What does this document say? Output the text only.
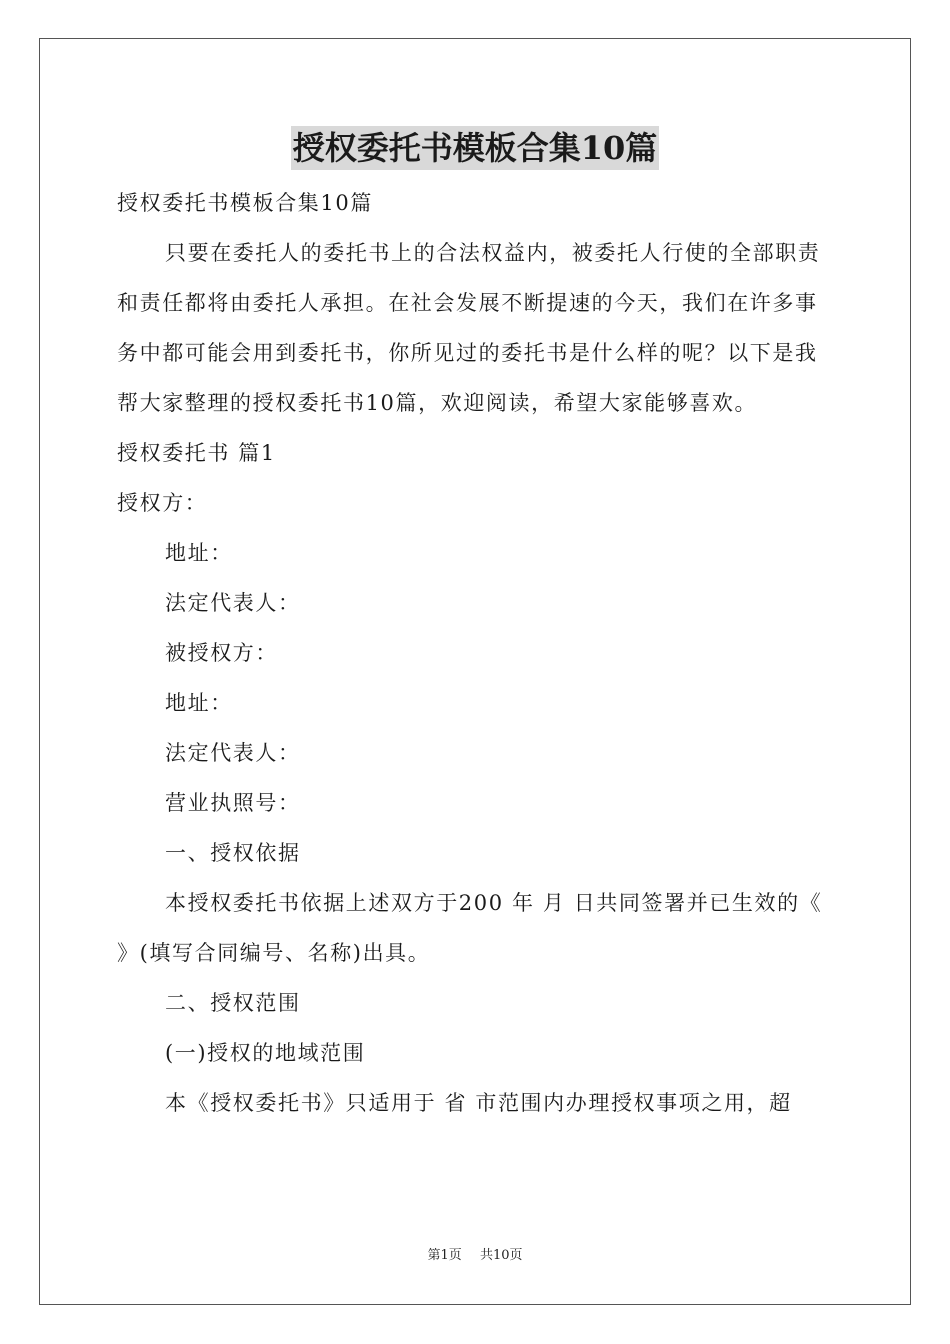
授权委托书模板合集10篇

授权委托书模板合集10篇

只要在委托人的委托书上的合法权益内，被委托人行使的全部职责和责任都将由委托人承担。在社会发展不断提速的今天，我们在许多事务中都可能会用到委托书，你所见过的委托书是什么样的呢？以下是我帮大家整理的授权委托书10篇，欢迎阅读，希望大家能够喜欢。

授权委托书 篇1

授权方：

地址：

法定代表人：

被授权方：

地址：

法定代表人：

营业执照号：

一、授权依据

本授权委托书依据上述双方于200 年 月 日共同签署并已生效的《 》(填写合同编号、名称)出具。

二、授权范围

(一)授权的地域范围

本《授权委托书》只适用于 省 市范围内办理授权事项之用，超

第1页 共10页
